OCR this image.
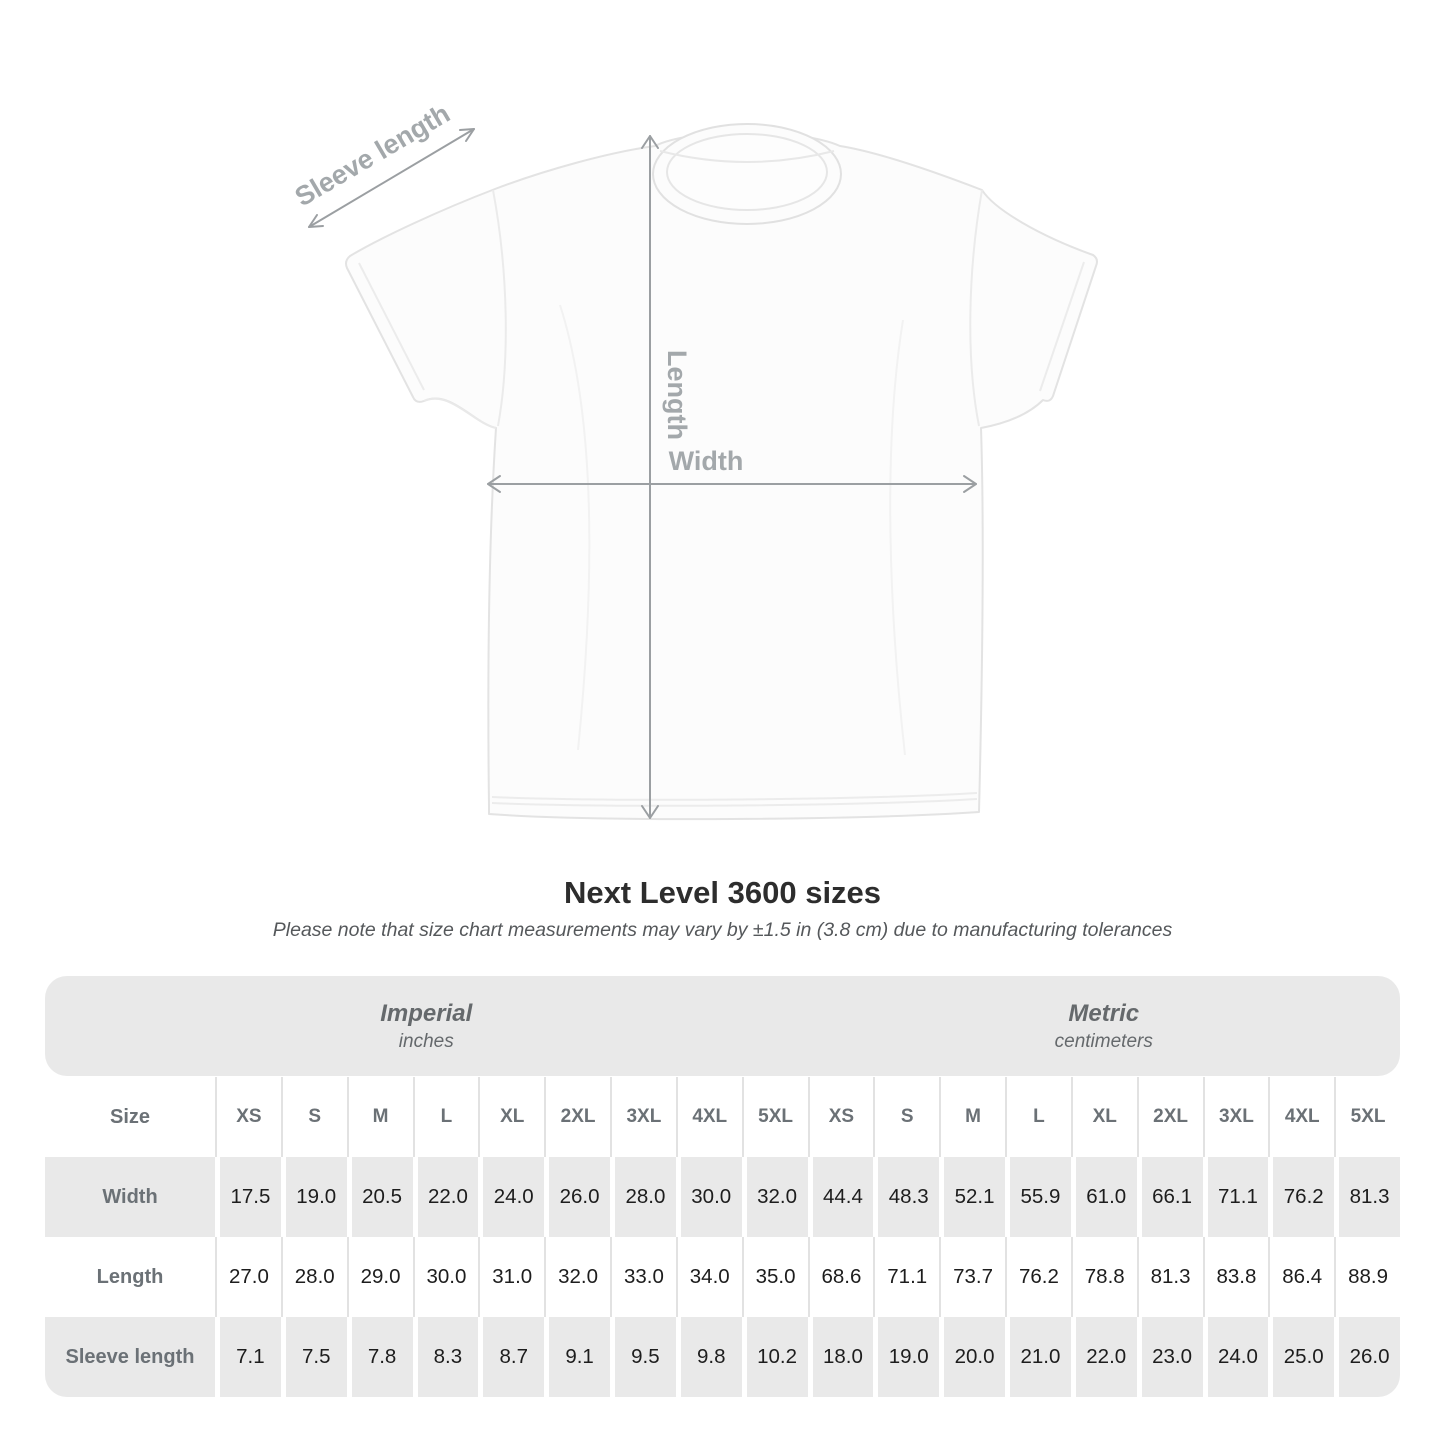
Length
Width
Sleeve length
Next Level 3600 sizes

Please note that size chart measurements may vary by ±1.5 in (3.8 cm) due to manufacturing tolerances

Imperial
inches
Metric
centimeters
Size	XS	S	M	L	XL	2XL	3XL	4XL	5XL	XS	S	M	L	XL	2XL	3XL	4XL	5XL
Width	17.5	19.0	20.5	22.0	24.0	26.0	28.0	30.0	32.0	44.4	48.3	52.1	55.9	61.0	66.1	71.1	76.2	81.3
Length	27.0	28.0	29.0	30.0	31.0	32.0	33.0	34.0	35.0	68.6	71.1	73.7	76.2	78.8	81.3	83.8	86.4	88.9
Sleeve length	7.1	7.5	7.8	8.3	8.7	9.1	9.5	9.8	10.2	18.0	19.0	20.0	21.0	22.0	23.0	24.0	25.0	26.0
